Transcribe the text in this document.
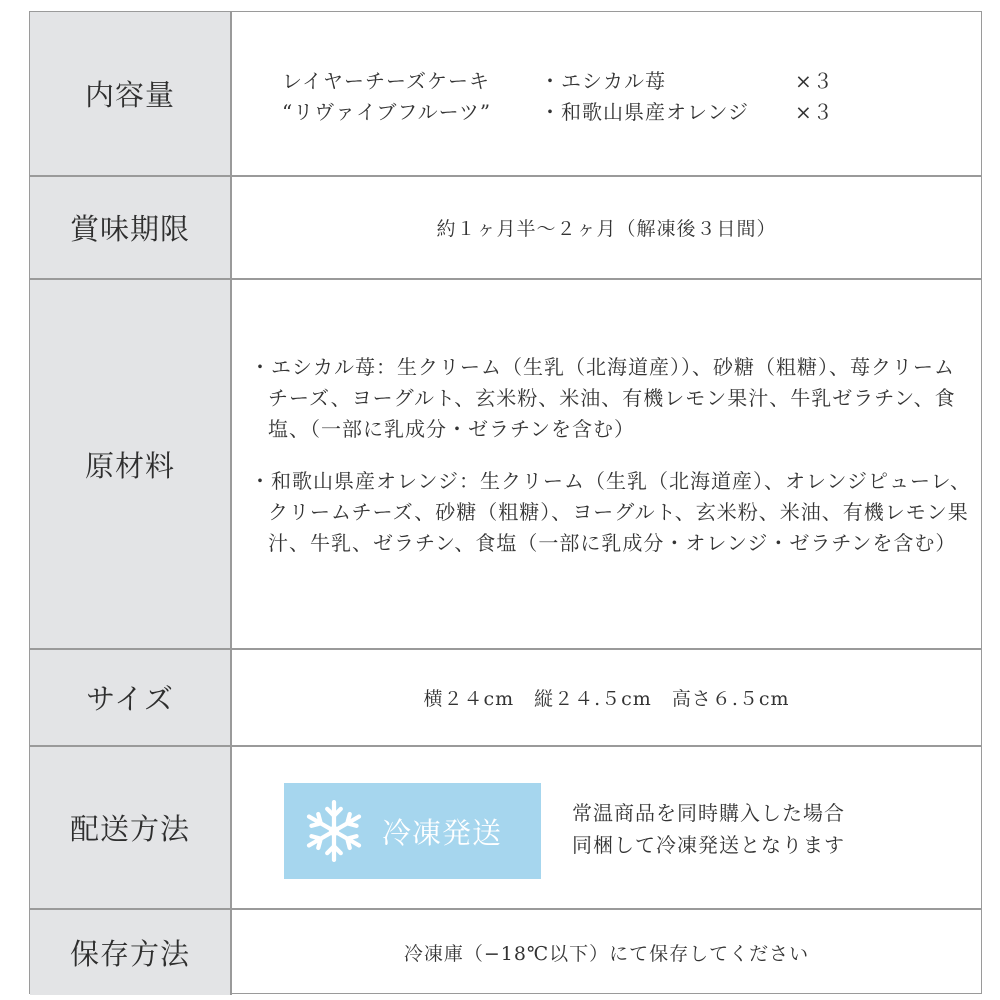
内容量	レイヤーチーズケーキ	・エシカル苺	×３
“リヴァイブフルーツ”	・和歌山県産オレンジ	×３
賞味期限	約１ヶ月半～２ヶ月（解凍後３日間）
原材料

・エシカル苺：生クリーム（生乳（北海道産））、砂糖（粗糖）、苺クリームチーズ、ヨーグルト、玄米粉、米油、有機レモン果汁、牛乳ゼラチン、食塩、（一部に乳成分・ゼラチンを含む）

・和歌山県産オレンジ：生クリーム（生乳（北海道産）、オレンジピューレ、クリームチーズ、砂糖（粗糖）、ヨーグルト、玄米粉、米油、有機レモン果汁、牛乳、ゼラチン、食塩（一部に乳成分・オレンジ・ゼラチンを含む）

サイズ	横２４cm　縦２４.５cm　高さ６.５cm
配送方法	冷凍発送
常温商品を同時購入した場合
同梱して冷凍発送となります
保存方法	冷凍庫（−18℃以下）にて保存してください
